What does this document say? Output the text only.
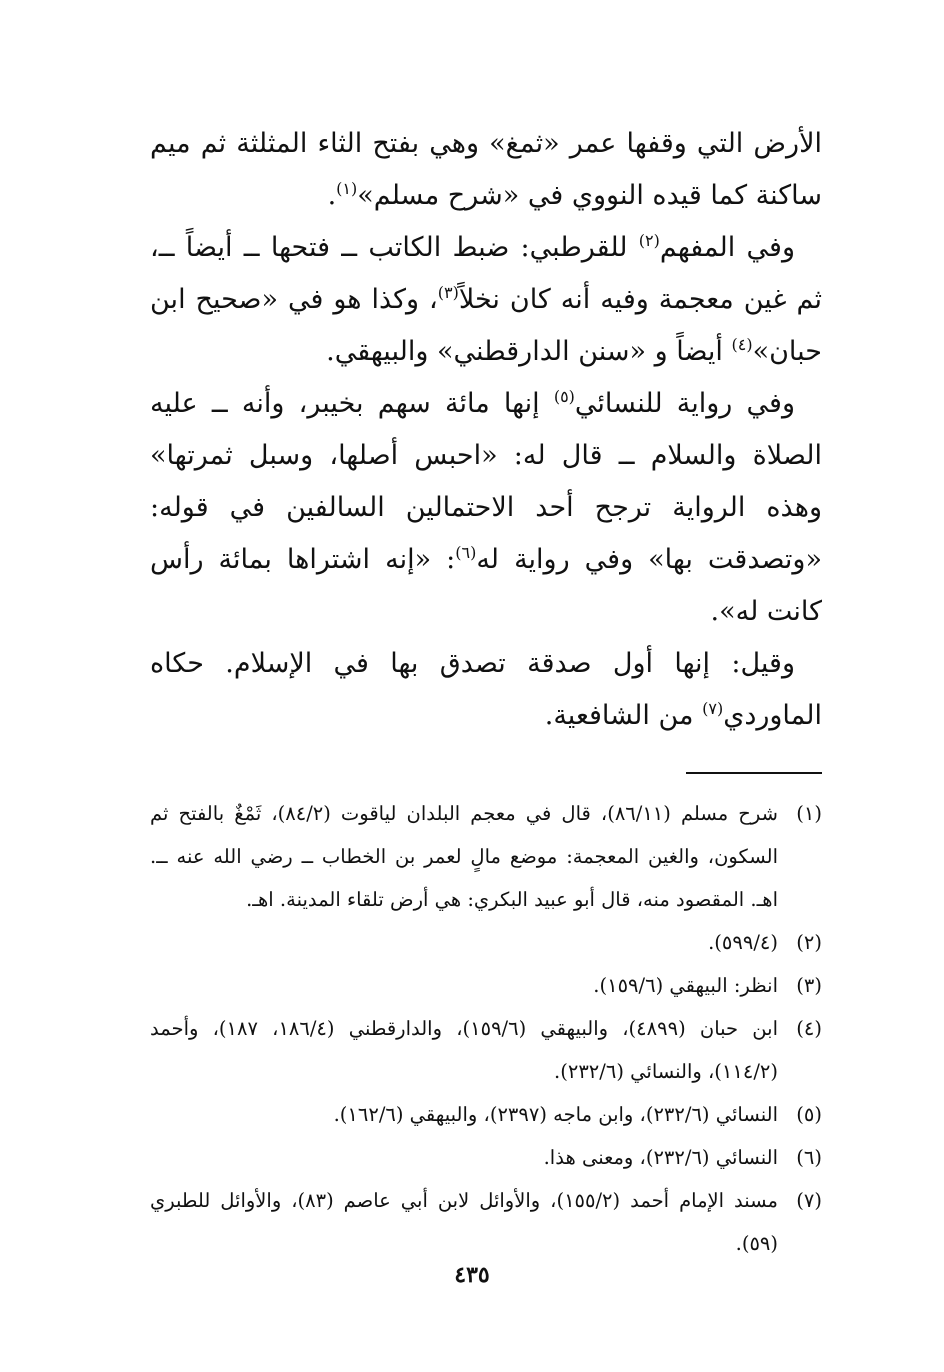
الأرض التي وقفها عمر «ثمغ» وهي بفتح الثاء المثلثة ثم ميم ساكنة كما قيده النووي في «شرح مسلم»$^{(١)}$.

 وفي المفهم$^{(٢)}$ للقرطبي: ضبط الكاتب ــ فتحها ــ أيضاً ــ، ثم غين معجمة وفيه أنه كان نخلاً$^{(٣)}$، وكذا هو في «صحيح ابن حبان»$^{(٤)}$ أيضاً و «سنن الدارقطني» والبيهقي.

 وفي رواية للنسائي$^{(٥)}$ إنها مائة سهم بخيبر، وأنه ــ عليه الصلاة والسلام ــ قال له: «احبس أصلها، وسبل ثمرتها» وهذه الرواية ترجح أحد الاحتمالين السالفين في قوله: «وتصدقت بها» وفي رواية له$^{(٦)}$: «إنه اشتراها بمائة رأس كانت له».

 وقيل: إنها أول صدقة تصدق بها في الإسلام. حكاه الماوردي$^{(٧)}$ من الشافعية.

(١)
شرح مسلم (٨٦/١١)، قال في معجم البلدان لياقوت (٨٤/٢)، ثَمْغٌ بالفتح ثم السكون، والغين المعجمة: موضع مالٍ لعمر بن الخطاب ــ رضي الله عنه ــ. اهـ. المقصود منه، قال أبو عبيد البكري: هي أرض تلقاء المدينة. اهـ.
(٢)
(٥٩٩/٤).
(٣)
انظر: البيهقي (١٥٩/٦).
(٤)
ابن حبان (٤٨٩٩)، والبيهقي (١٥٩/٦)، والدارقطني (١٨٦/٤، ١٨٧)، وأحمد (١١٤/٢)، والنسائي (٢٣٢/٦).
(٥)
النسائي (٢٣٢/٦)، وابن ماجه (٢٣٩٧)، والبيهقي (١٦٢/٦).
(٦)
النسائي (٢٣٢/٦)، ومعنى هذا.
(٧)
مسند الإمام أحمد (١٥٥/٢)، والأوائل لابن أبي عاصم (٨٣)، والأوائل للطبري (٥٩).
٤٣٥
